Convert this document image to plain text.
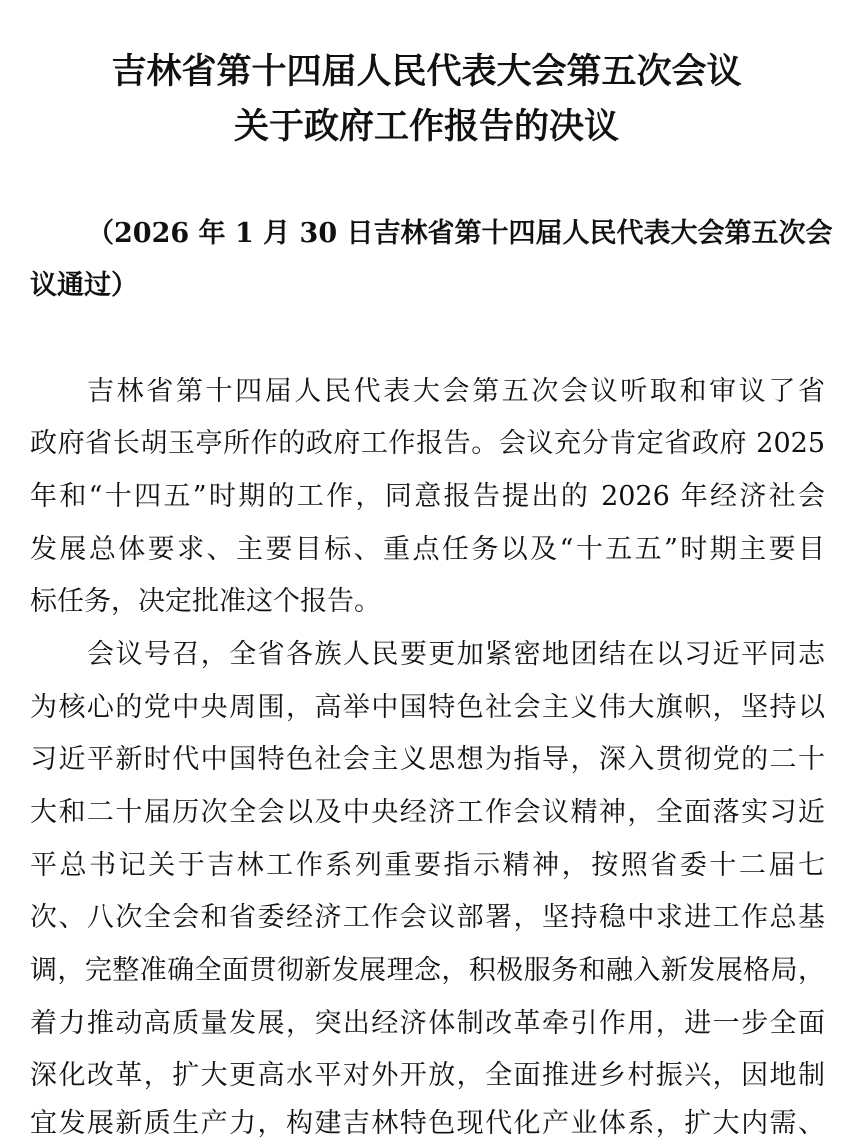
吉林省第十四届人民代表大会第五次会议
关于政府工作报告的决议
（2026 年 1 月 30 日吉林省第十四届人民代表大会第五次会
议通过）
吉林省第十四届人民代表大会第五次会议听取和审议了省
政府省长胡玉亭所作的政府工作报告。会议充分肯定省政府 2025
年和“十四五”时期的工作，同意报告提出的 2026 年经济社会
发展总体要求、主要目标、重点任务以及“十五五”时期主要目
标任务，决定批准这个报告。
会议号召，全省各族人民要更加紧密地团结在以习近平同志
为核心的党中央周围，高举中国特色社会主义伟大旗帜，坚持以
习近平新时代中国特色社会主义思想为指导，深入贯彻党的二十
大和二十届历次全会以及中央经济工作会议精神，全面落实习近
平总书记关于吉林工作系列重要指示精神，按照省委十二届七
次、八次全会和省委经济工作会议部署，坚持稳中求进工作总基
调，完整准确全面贯彻新发展理念，积极服务和融入新发展格局，
着力推动高质量发展，突出经济体制改革牵引作用，进一步全面
深化改革，扩大更高水平对外开放，全面推进乡村振兴，因地制
宜发展新质生产力，构建吉林特色现代化产业体系，扩大内需、
